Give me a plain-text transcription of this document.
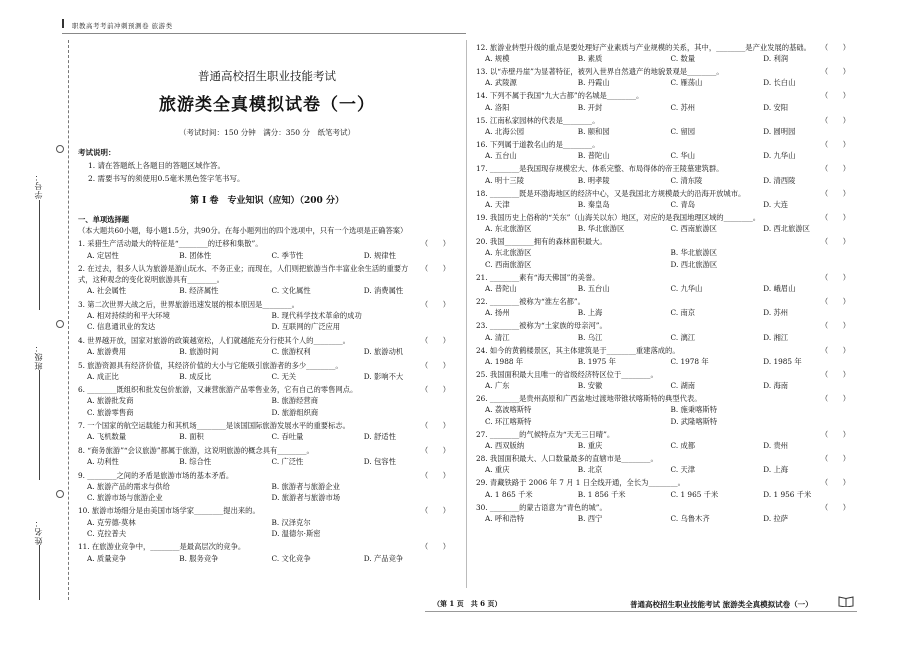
职教高考考前冲刺预测卷 旅游类
学号：
班级：
姓名：
普通高校招生职业技能考试
旅游类全真模拟试卷（一）
（考试时间：150 分钟　满分：350 分　纸笔考试）
考试说明：
1. 请在答题纸上各题目的答题区域作答。
2. 需要书写的须使用0.5毫米黑色签字笔书写。
第 Ⅰ 卷　专业知识（应知）（200 分）
一、单项选择题（本大题共60小题，每小题1.5分，共90分。在每小题列出的四个选项中，只有一个选项是正确答案）
1. 采猎生产活动最大的特征是“________的迁移和集散”。	（　　）
A. 定居性	B. 团体性	C. 季节性	D. 规律性
2. 在过去，很多人认为旅游是游山玩水、不务正业；而现在，人们则把旅游当作丰富业余生活的重要方式，这种观念的变化说明旅游具有________。
（　　）
A. 社会属性	B. 经济属性	C. 文化属性	D. 消费属性
3. 第二次世界大战之后，世界旅游迅速发展的根本原因是________。	（　　）
A. 相对持续的和平大环境	B. 现代科学技术革命的成功
C. 信息通讯业的发达	D. 互联网的广泛应用
4. 世界越开放，国家对旅游的政策越宽松，人们就越能充分行使其个人的________。	（　　）
A. 旅游费用	B. 旅游时间	C. 旅游权利	D. 旅游动机
5. 旅游资源具有经济价值，其经济价值的大小与它能吸引旅游者的多少________。	（　　）
A. 成正比	B. 成反比	C. 无关	D. 影响不大
6. ________既组织和批发包价旅游，又兼营旅游产品零售业务，它有自己的零售网点。	（　　）
A. 旅游批发商	B. 旅游经营商
C. 旅游零售商	D. 旅游组织商
7. 一个国家的航空运载能力和其机场________是该国国际旅游发展水平的重要标志。	（　　）
A. 飞机数量	B. 面积	C. 吞吐量	D. 舒适性
8. “商务旅游”“会议旅游”都属于旅游，这说明旅游的概念具有________。	（　　）
A. 功利性	B. 综合性	C. 广泛性	D. 包容性
9. ________之间的矛盾是旅游市场的基本矛盾。	（　　）
A. 旅游产品的需求与供给	B. 旅游者与旅游企业
C. 旅游市场与旅游企业	D. 旅游者与旅游市场
10. 旅游市场细分是由美国市场学家________提出来的。	（　　）
A. 克劳德·莫林	B. 汉泽克尔
C. 克拉普夫	D. 温德尔·斯密
11. 在旅游业竞争中，________是最高层次的竞争。	（　　）
A. 质量竞争	B. 服务竞争	C. 文化竞争	D. 产品竞争
12. 旅游业转型升级的重点是要处理好产业素质与产业规模的关系，其中，________是产业发展的基础。	（　　）
A. 规模	B. 素质	C. 数量	D. 利润
13. 以“赤壁丹崖”为显著特征，被列入世界自然遗产的地貌景观是________。	（　　）
A. 武陵源	B. 丹霞山	C. 雁荡山	D. 长白山
14. 下列不属于我国“九大古都”的名城是________。	（　　）
A. 洛阳	B. 开封	C. 苏州	D. 安阳
15. 江南私家园林的代表是________。	（　　）
A. 北海公园	B. 颐和园	C. 留园	D. 圆明园
16. 下列属于道教名山的是________。	（　　）
A. 五台山	B. 普陀山	C. 华山	D. 九华山
17. ________是我国现存规模宏大、体系完整、布局得体的帝王陵墓建筑群。	（　　）
A. 明十三陵	B. 明孝陵	C. 清东陵	D. 清西陵
18. ________既是环渤海地区的经济中心，又是我国北方规模最大的沿海开放城市。	（　　）
A. 天津	B. 秦皇岛	C. 青岛	D. 大连
19. 我国历史上俗称的“关东”（山海关以东）地区，对应的是我国地理区域的________。	（　　）
A. 东北旅游区	B. 华北旅游区	C. 西南旅游区	D. 西北旅游区
20. 我国________拥有的森林面积最大。	（　　）
A. 东北旅游区	B. 华北旅游区
C. 西南旅游区	D. 西北旅游区
21. ________素有“海天佛国”的美誉。	（　　）
A. 普陀山	B. 五台山	C. 九华山	D. 峨眉山
22. ________被称为“淮左名都”。	（　　）
A. 扬州	B. 上海	C. 南京	D. 苏州
23. ________被称为“土家族的母亲河”。	（　　）
A. 清江	B. 乌江	C. 漓江	D. 湘江
24. 如今的黄鹤楼景区，其主体建筑是于________重建落成的。	（　　）
A. 1988 年	B. 1975 年	C. 1978 年	D. 1985 年
25. 我国面积最大且唯一的省级经济特区位于________。	（　　）
A. 广东	B. 安徽	C. 湖南	D. 海南
26. ________是贵州高原和广西盆地过渡地带锥状喀斯特的典型代表。	（　　）
A. 荔波喀斯特	B. 施秉喀斯特
C. 环江喀斯特	D. 武隆喀斯特
27. ________的气候特点为“天无三日晴”。	（　　）
A. 西双版纳	B. 重庆	C. 成都	D. 贵州
28. 我国面积最大、人口数量最多的直辖市是________。	（　　）
A. 重庆	B. 北京	C. 天津	D. 上海
29. 青藏铁路于 2006 年 7 月 1 日全线开通，全长为________。	（　　）
A. 1 865 千米	B. 1 856 千米	C. 1 965 千米	D. 1 956 千米
30. ________的蒙古语意为“青色的城”。	（　　）
A. 呼和浩特	B. 西宁	C. 乌鲁木齐	D. 拉萨
（第 1 页　共 6 页）	普通高校招生职业技能考试 旅游类全真模拟试卷（一）
